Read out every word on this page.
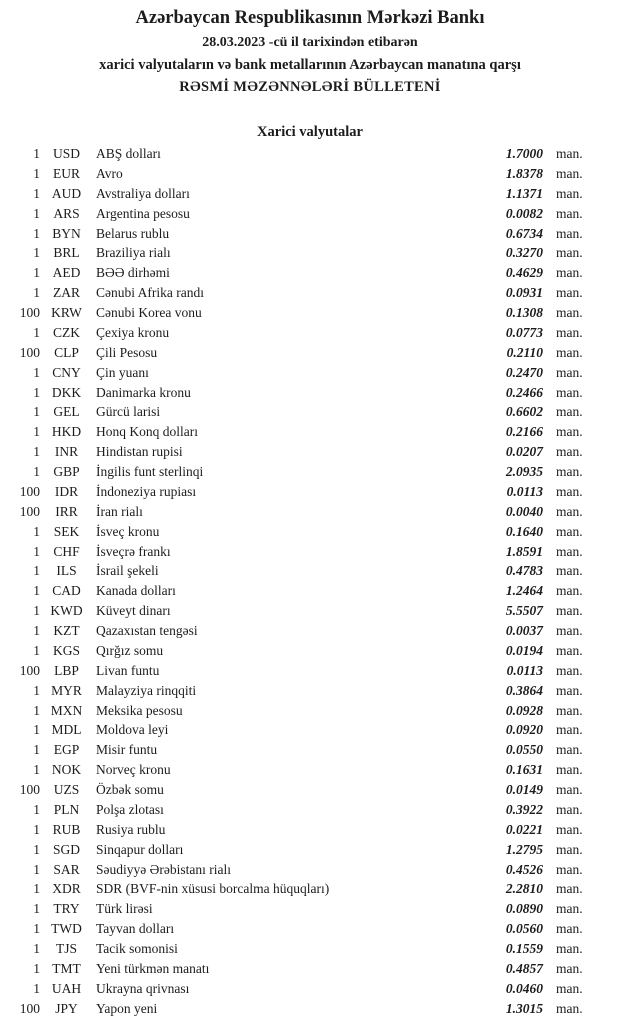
Azərbaycan Respublikasının Mərkəzi Bankı
28.03.2023 -cü il tarixindən etibarən
xarici valyutaların və bank metallarının Azərbaycan manatına qarşı
RƏSMİ MƏZƏNNƏLƏRİ BÜLLETENİ
Xarici valyutalar
1 USD	ABŞ dolları	1.7000 man.
1 EUR	Avro	1.8378 man.
1 AUD	Avstraliya dolları	1.1371 man.
1 ARS	Argentina pesosu	0.0082 man.
1 BYN	Belarus rublu	0.6734 man.
1 BRL	Braziliya rialı	0.3270 man.
1 AED	BƏƏ dirhəmi	0.4629 man.
1 ZAR	Cənubi Afrika randı	0.0931 man.
100 KRW	Cənubi Korea vonu	0.1308 man.
1 CZK	Çexiya kronu	0.0773 man.
100	CLP	Çili Pesosu	0.2110 man.
1 CNY	Çin yuanı	0.2470 man.
1 DKK	Danimarka kronu	0.2466 man.
1 GEL	Gürcü larisi	0.6602 man.
1 HKD	Honq Konq dolları	0.2166 man.
1	INR	Hindistan rupisi	0.0207 man.
1 GBP	İngilis funt sterlinqi	2.0935 man.
100	IDR	İndoneziya rupiası	0.0113 man.
100	IRR	İran rialı	0.0040 man.
1	SEK	İsveç kronu	0.1640 man.
1 CHF	İsveçrə frankı	1.8591 man.
1	ILS	İsrail şekeli	0.4783 man.
1 CAD	Kanada dolları	1.2464 man.
1 KWD Küveyt dinarı	5.5507 man.
1 KZT	Qazaxıstan tengəsi	0.0037 man.
1 KGS	Qırğız somu	0.0194 man.
100	LBP	Livan funtu	0.0113 man.
1 MYR	Malayziya rinqqiti	0.3864 man.
1 MXN	Meksika pesosu	0.0928 man.
1 MDL	Moldova leyi	0.0920 man.
1	EGP	Misir funtu	0.0550 man.
1 NOK	Norveç kronu	0.1631 man.
100	UZS	Özbək somu	0.0149 man.
1	PLN	Polşa zlotası	0.3922 man.
1 RUB	Rusiya rublu	0.0221 man.
1 SGD	Sinqapur dolları	1.2795 man.
1 SAR	Səudiyyə Ərəbistanı rialı	0.4526 man.
1 XDR	SDR (BVF-nin xüsusi borcalma hüquqları)	2.2810 man.
1 TRY	Türk lirəsi	0.0890 man.
1 TWD	Tayvan dolları	0.0560 man.
1	TJS	Tacik somonisi	0.1559 man.
1 TMT	Yeni türkmən manatı	0.4857 man.
1 UAH	Ukrayna qrivnası	0.0460 man.
100	JPY	Yapon yeni	1.3015 man.
